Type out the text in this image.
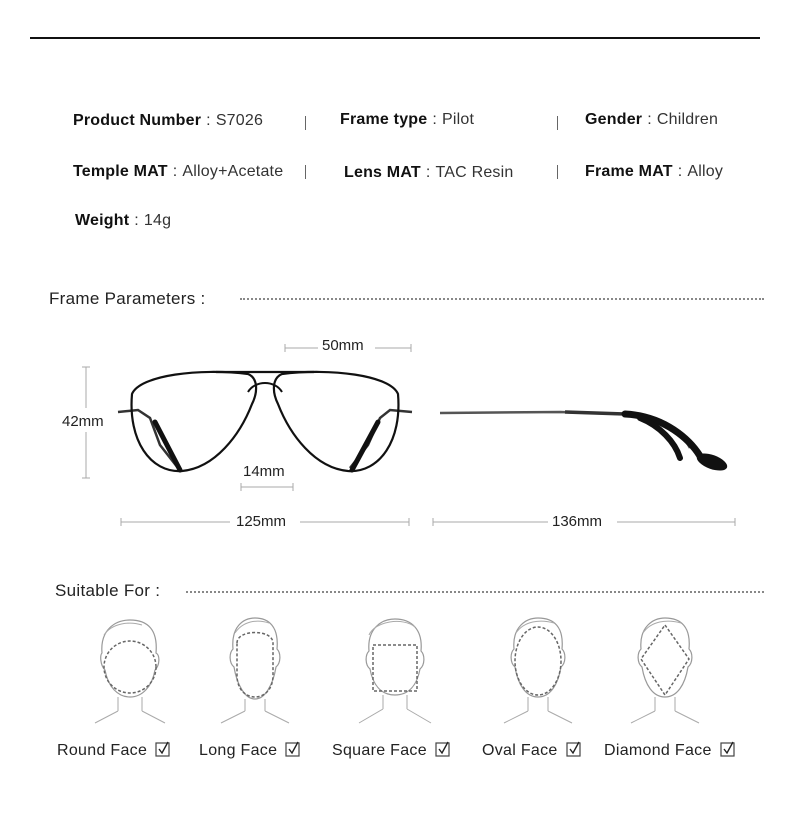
Product Number : S7026	Frame type : Pilot	Gender : Children
Temple MAT : Alloy+Acetate	Lens MAT : TAC Resin	Frame MAT : Alloy
Weight : 14g
Frame Parameters :
50mm
42mm
14mm
125mm	136mm
Suitable For :
Round Face	Long Face	Square Face	Oval Face	Diamond Face
